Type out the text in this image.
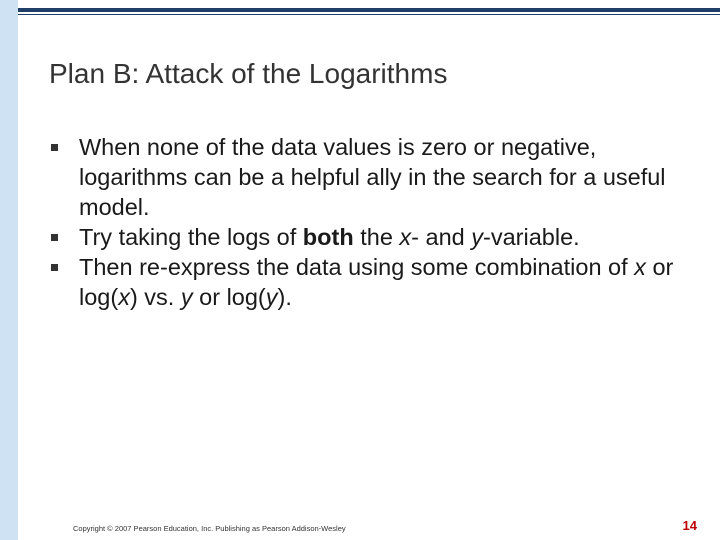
Plan B: Attack of the Logarithms
When none of the data values is zero or negative, logarithms can be a helpful ally in the search for a useful model.
Try taking the logs of both the x- and y-variable.
Then re-express the data using some combination of x or log(x) vs. y or log(y).
Copyright © 2007 Pearson Education, Inc. Publishing as Pearson Addison-Wesley	14
